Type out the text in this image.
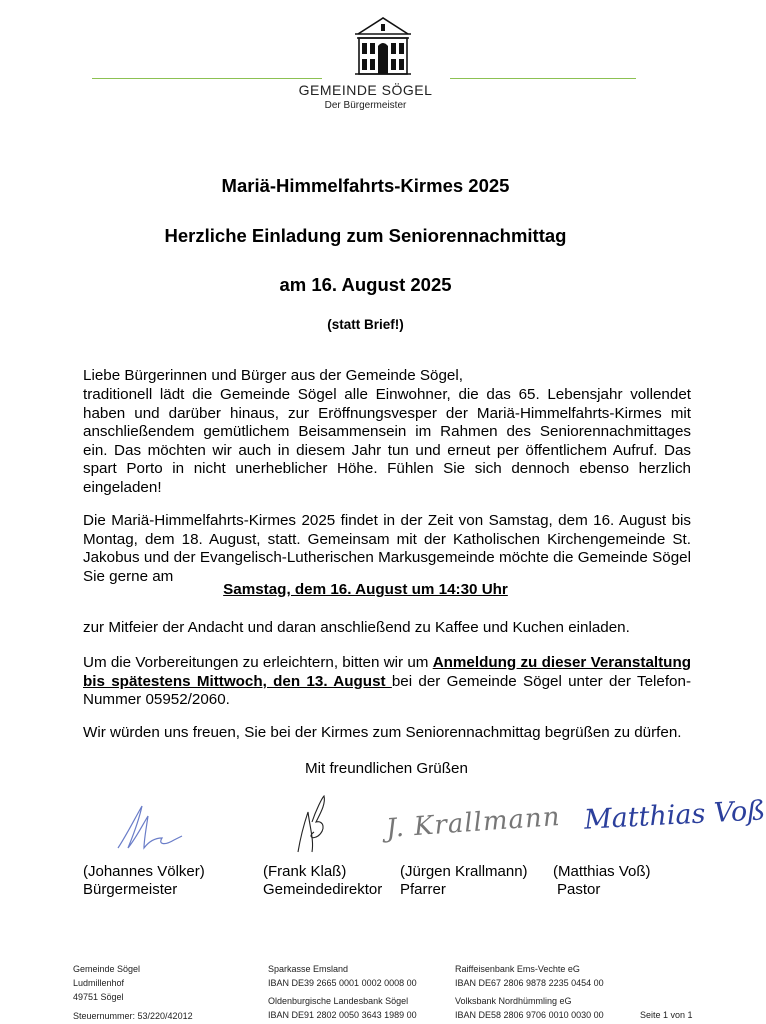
GEMEINDE SÖGEL
Der Bürgermeister
Mariä-Himmelfahrts-Kirmes 2025
Herzliche Einladung zum Seniorennachmittag
am 16. August 2025
(statt Brief!)
Liebe Bürgerinnen und Bürger aus der Gemeinde Sögel,
traditionell lädt die Gemeinde Sögel alle Einwohner, die das 65. Lebensjahr vollendet haben und darüber hinaus, zur Eröffnungsvesper der Mariä-Himmelfahrts-Kirmes mit anschließendem gemütlichem Beisammensein im Rahmen des Seniorennachmittages ein. Das möchten wir auch in diesem Jahr tun und erneut per öffentlichem Aufruf. Das spart Porto in nicht unerheblicher Höhe. Fühlen Sie sich dennoch ebenso herzlich eingeladen!
Die Mariä-Himmelfahrts-Kirmes 2025 findet in der Zeit von Samstag, dem 16. August bis Montag, dem 18. August, statt. Gemeinsam mit der Katholischen Kirchengemeinde St. Jakobus und der Evangelisch-Lutherischen Markusgemeinde möchte die Gemeinde Sögel Sie gerne am
Samstag, dem 16. August um 14:30 Uhr
zur Mitfeier der Andacht und daran anschließend zu Kaffee und Kuchen einladen.
Um die Vorbereitungen zu erleichtern, bitten wir um Anmeldung zu dieser Veranstaltung bis spätestens Mittwoch, den 13. August bei der Gemeinde Sögel unter der Telefon-Nummer 05952/2060.
Wir würden uns freuen, Sie bei der Kirmes zum Seniorennachmittag begrüßen zu dürfen.
Mit freundlichen Grüßen
J. Krallmann Matthias Voß
(Johannes Völker)
Bürgermeister
(Frank Klaß)
Gemeindedirektor
(Jürgen Krallmann)
Pfarrer
(Matthias Voß)
Pastor
Gemeinde Sögel
Ludmillenhof
49751 Sögel
Steuernummer: 53/220/42012
Sparkasse Emsland
IBAN DE39 2665 0001 0002 0008 00
Oldenburgische Landesbank Sögel
IBAN DE91 2802 0050 3643 1989 00
Raiffeisenbank Ems-Vechte eG
IBAN DE67 2806 9878 2235 0454 00
Volksbank Nordhümmling eG
IBAN DE58 2806 9706 0010 0030 00	Seite 1 von 1
